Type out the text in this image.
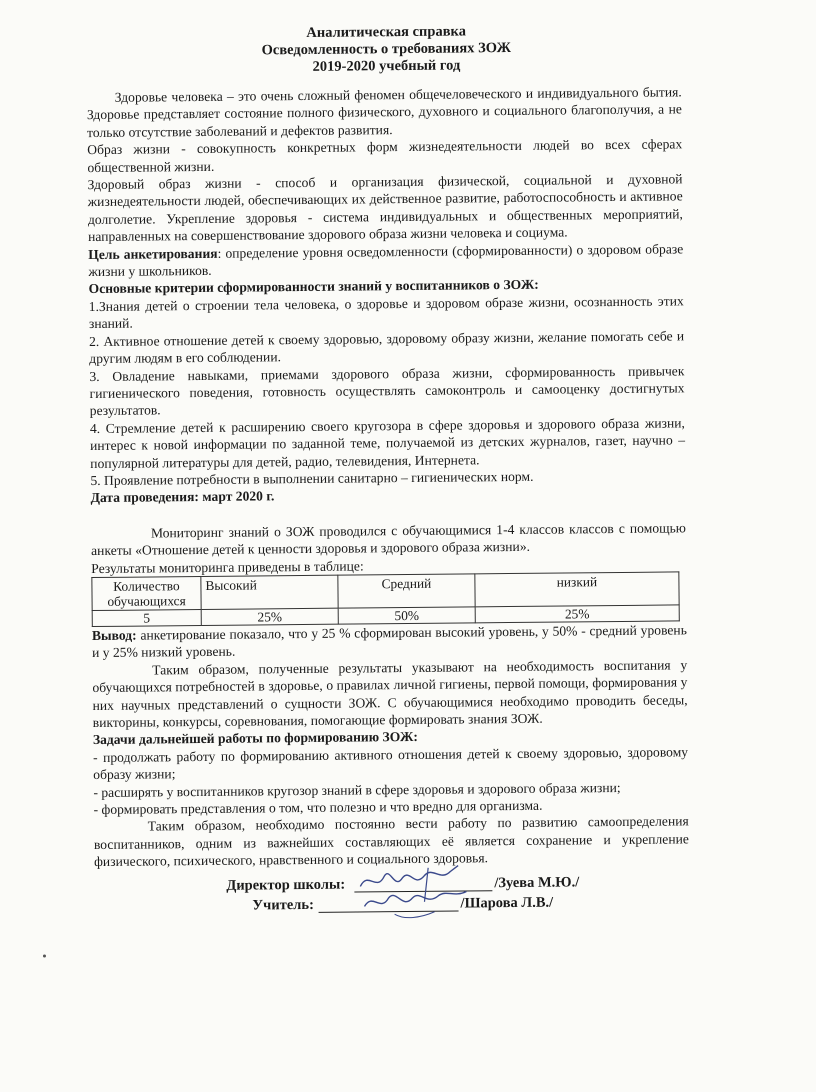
Аналитическая справка
Осведомленность о требованиях ЗОЖ
2019-2020 учебный год

Здоровье человека – это очень сложный феномен общечеловеческого и индивидуального бытия. Здоровье представляет состояние полного физического, духовного и социального благополучия, а не только отсутствие заболеваний и дефектов развития.

Образ жизни - совокупность конкретных форм жизнедеятельности людей во всех сферах общественной жизни.

Здоровый образ жизни - способ и организация физической, социальной и духовной жизнедеятельности людей, обеспечивающих их действенное развитие, работоспособность и активное долголетие. Укрепление здоровья - система индивидуальных и общественных мероприятий, направленных на совершенствование здорового образа жизни человека и социума.

Цель анкетирования: определение уровня осведомленности (сформированности) о здоровом образе жизни у школьников.

Основные критерии сформированности знаний у воспитанников о ЗОЖ:

1.Знания детей о строении тела человека, о здоровье и здоровом образе жизни, осознанность этих знаний.

2. Активное отношение детей к своему здоровью, здоровому образу жизни, желание помогать себе и другим людям в его соблюдении.

3. Овладение навыками, приемами здорового образа жизни, сформированность привычек гигиенического поведения, готовность осуществлять самоконтроль и самооценку достигнутых результатов.

4. Стремление детей к расширению своего кругозора в сфере здоровья и здорового образа жизни, интерес к новой информации по заданной теме, получаемой из детских журналов, газет, научно – популярной литературы для детей, радио, телевидения, Интернета.

5. Проявление потребности в выполнении санитарно – гигиенических норм.

Дата проведения: март 2020 г.

Мониторинг знаний о ЗОЖ проводился с обучающимися 1-4 классов классов с помощью анкеты «Отношение детей к ценности здоровья и здорового образа жизни».

Результаты мониторинга приведены в таблице:

Количество обучающихся	Высокий	Средний	низкий
5	25%	50%	25%

Вывод: анкетирование показало, что у 25 % сформирован высокий уровень, у 50% - средний уровень и у 25% низкий уровень.

Таким образом, полученные результаты указывают на необходимость воспитания у обучающихся потребностей в здоровье, о правилах личной гигиены, первой помощи, формирования у них научных представлений о сущности ЗОЖ. С обучающимися необходимо проводить беседы, викторины, конкурсы, соревнования, помогающие формировать знания ЗОЖ.

Задачи дальнейшей работы по формированию ЗОЖ:

- продолжать работу по формированию активного отношения детей к своему здоровью, здоровому образу жизни;

- расширять у воспитанников кругозор знаний в сфере здоровья и здорового образа жизни;

- формировать представления о том, что полезно и что вредно для организма.

Таким образом, необходимо постоянно вести работу по развитию самоопределения воспитанников, одним из важнейших составляющих её является сохранение и укрепление физического, психического, нравственного и социального здоровья.

Директор школы:	/Зуева М.Ю./
Учитель:	/Шарова Л.В./
